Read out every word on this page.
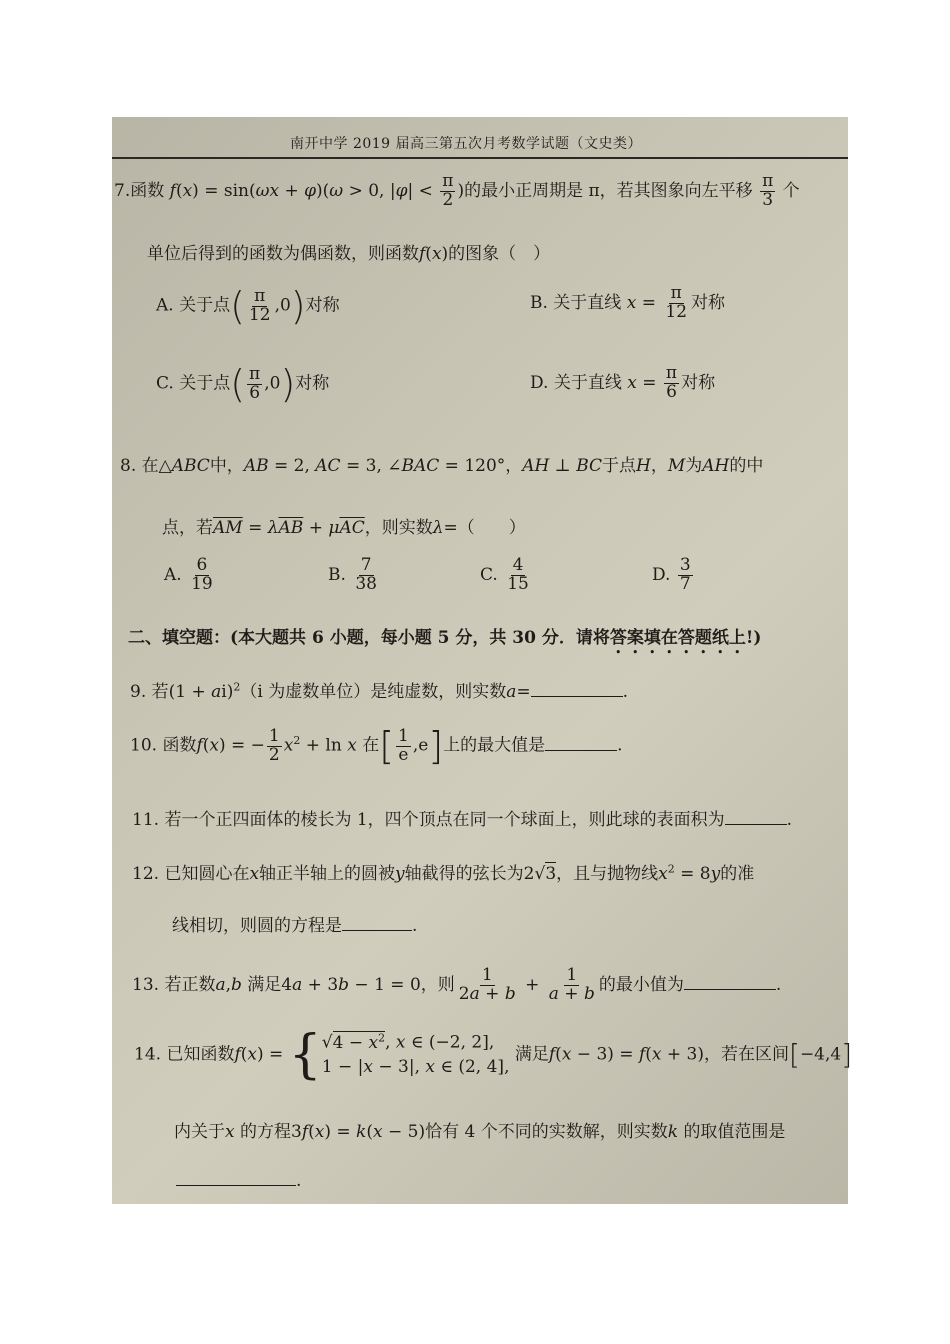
南开中学 2019 届高三第五次月考数学试题（文史类）
7.函数 f(x) = sin(ωx + φ)(ω > 0, $|\varphi| < \frac{\pi}{2}$ )的最小正周期是 π，若其图象向左平移 $\frac{\pi}{3}$ 个
单位后得到的函数为偶函数，则函数f(x)的图象（　）
A. 关于点( $\frac{\pi}{12} ,0$)对称	B. 关于直线 $x = \frac{\pi}{12}$ 对称
C. 关于点( $\frac{\pi}{6} ,0$)对称	D. 关于直线 $x = \frac{\pi}{6}$ 对称
8. 在△ABC中，AB = 2, AC = 3, ∠BAC = 120°，AH ⊥ BC于点H，M为AH的中
点，若$\overline{AM} = \lambda\overline{AB} + \mu\overline{AC}$，则实数λ=（　　）
A. $\frac{6}{19}$	B. $\frac{7}{38}$	C. $\frac{4}{15}$	D. $\frac{3}{7}$
二、填空题：(本大题共 6 小题，每小题 5 分，共 30 分．请将答案填在答题纸上!)
9. 若(1 + ai)$^2$（i 为虚数单位）是纯虚数，则实数a=	.
10. 函数f(x) = − $\frac{1}{2} x^2 + \ln x$ 在[ $\frac{1}{e} ,e$]上的最大值是	.
11. 若一个正四面体的棱长为 1，四个顶点在同一个球面上，则此球的表面积为	.
12. 已知圆心在x轴正半轴上的圆被y轴截得的弦长为2√3，且与抛物线$x^2 = 8y$的准
线相切，则圆的方程是	.
13. 若正数a,b 满足4a + 3b − 1 = 0，则 $\frac{1}{2a + b} + \frac{1}{a + b}$ 的最小值为	.
14. 已知函数f(x) = { $√4 - x^2$, x ∈ (−2, 2],
1 − |x − 3|, x ∈ (2, 4],
满足f(x − 3) = f(x + 3)，若在区间[−4,4]
内关于x 的方程3f(x) = k(x − 5)恰有 4 个不同的实数解，则实数k 的取值范围是
.
